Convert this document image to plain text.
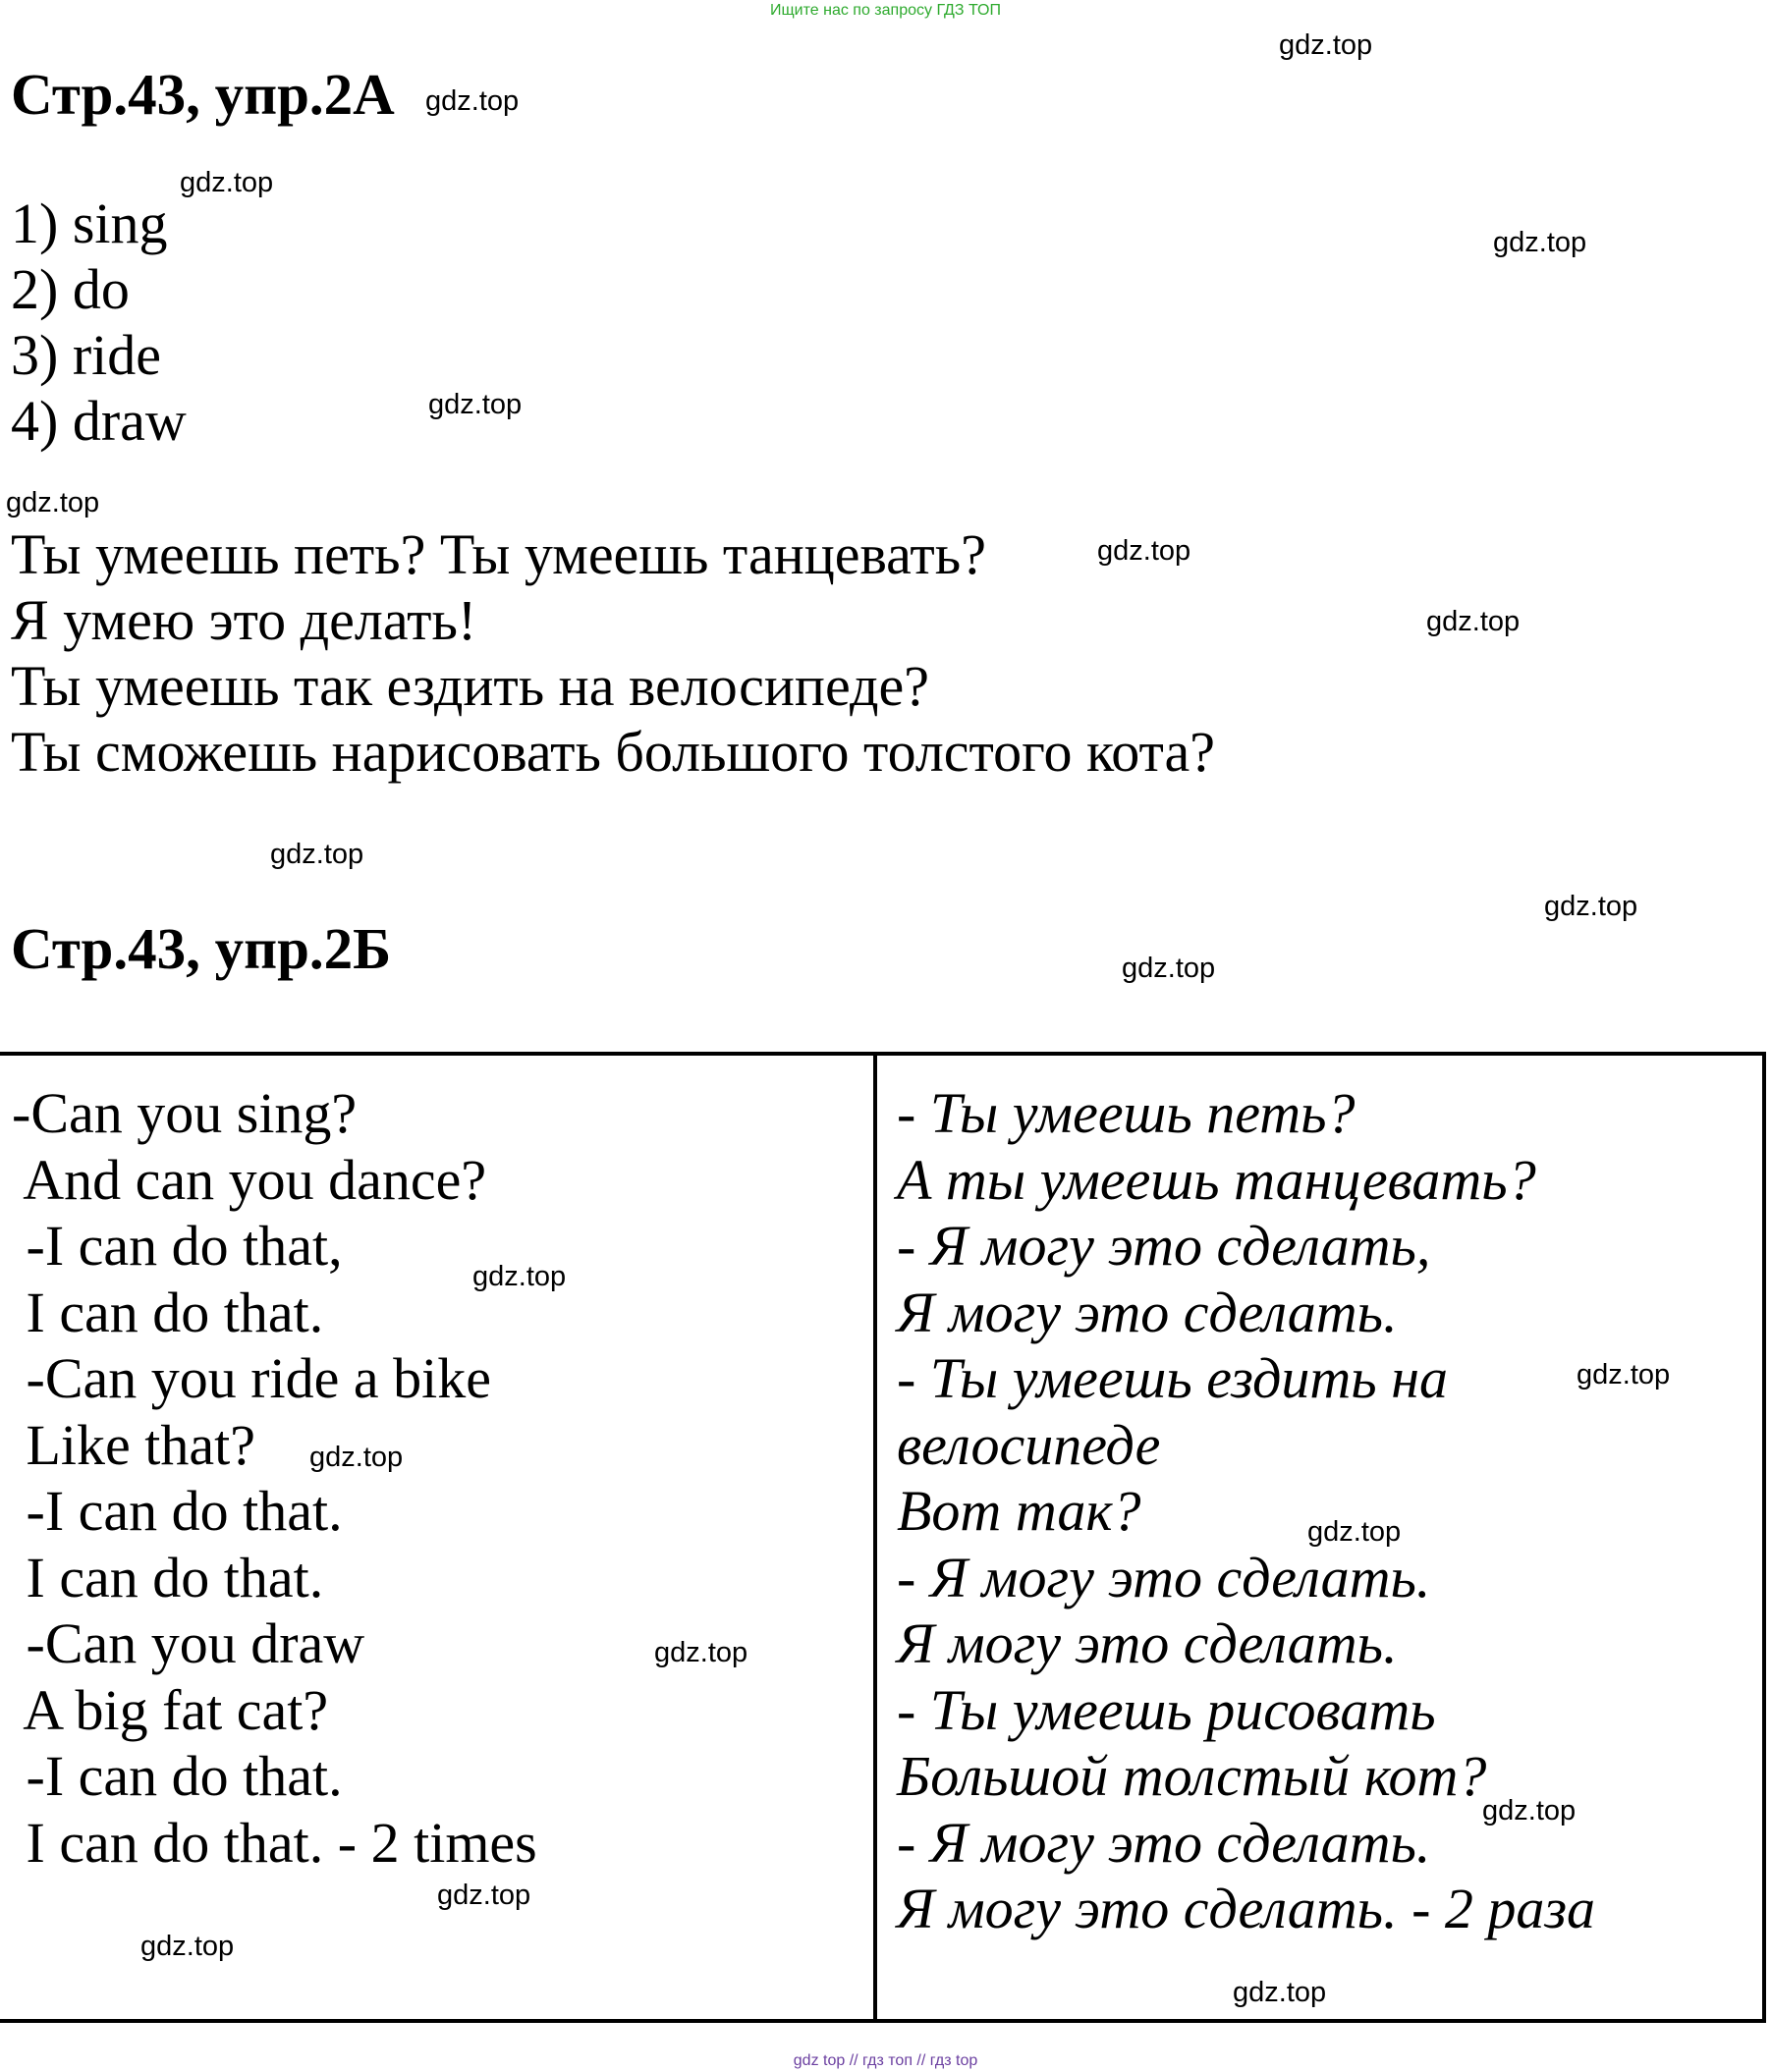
Ищите нас по запросу ГДЗ ТОП
Стр.43, упр.2А
1) sing
2) do
3) ride
4) draw
Ты умеешь петь? Ты умеешь танцевать?
Я умею это делать!
Ты умеешь так ездить на велосипеде?
Ты сможешь нарисовать большого толстого кота?
Стр.43, упр.2Б
-Can you sing?
And can you dance?
-I can do that,
I can do that.
-Can you ride a bike
Like that?
-I can do that.
I can do that.
-Can you draw
A big fat cat?
-I can do that.
I can do that. - 2 times
- Ты умеешь петь?
А ты умеешь танцевать?
- Я могу это сделать,
Я могу это сделать.
- Ты умеешь ездить на
велосипеде
Вот так?
- Я могу это сделать.
Я могу это сделать.
- Ты умеешь рисовать
Большой толстый кот?
- Я могу это сделать.
Я могу это сделать. - 2 раза
gdz.top
gdz.top
gdz.top
gdz.top
gdz.top
gdz.top
gdz.top
gdz.top
gdz.top
gdz.top
gdz.top
gdz.top
gdz.top
gdz.top
gdz.top
gdz.top
gdz.top
gdz.top
gdz.top
gdz.top
gdz top // гдз топ // гдз top
